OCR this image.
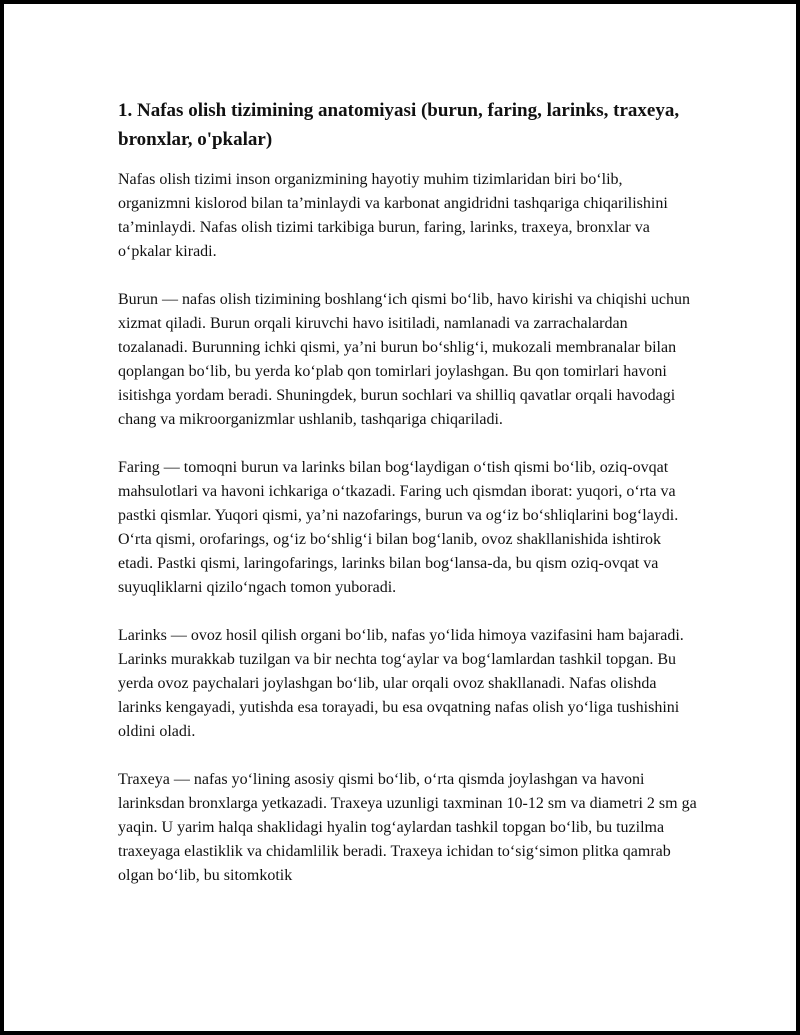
1. Nafas olish tizimining anatomiyasi (burun, faring, larinks, traxeya, bronxlar, o'pkalar)

Nafas olish tizimi inson organizmining hayotiy muhim tizimlaridan biri bo‘lib, organizmni kislorod bilan ta’minlaydi va karbonat angidridni tashqariga chiqarilishini ta’minlaydi. Nafas olish tizimi tarkibiga burun, faring, larinks, traxeya, bronxlar va o‘pkalar kiradi.

Burun — nafas olish tizimining boshlang‘ich qismi bo‘lib, havo kirishi va chiqishi uchun xizmat qiladi. Burun orqali kiruvchi havo isitiladi, namlanadi va zarrachalardan tozalanadi. Burunning ichki qismi, ya’ni burun bo‘shlig‘i, mukozali membranalar bilan qoplangan bo‘lib, bu yerda ko‘plab qon tomirlari joylashgan. Bu qon tomirlari havoni isitishga yordam beradi. Shuningdek, burun sochlari va shilliq qavatlar orqali havodagi chang va mikroorganizmlar ushlanib, tashqariga chiqariladi.

Faring — tomoqni burun va larinks bilan bog‘laydigan o‘tish qismi bo‘lib, oziq-ovqat mahsulotlari va havoni ichkariga o‘tkazadi. Faring uch qismdan iborat: yuqori, o‘rta va pastki qismlar. Yuqori qismi, ya’ni nazofarings, burun va og‘iz bo‘shliqlarini bog‘laydi. O‘rta qismi, orofarings, og‘iz bo‘shlig‘i bilan bog‘lanib, ovoz shakllanishida ishtirok etadi. Pastki qismi, laringofarings, larinks bilan bog‘lansa-da, bu qism oziq-ovqat va suyuqliklarni qizilo‘ngach tomon yuboradi.

Larinks — ovoz hosil qilish organi bo‘lib, nafas yo‘lida himoya vazifasini ham bajaradi. Larinks murakkab tuzilgan va bir nechta tog‘aylar va bog‘lamlardan tashkil topgan. Bu yerda ovoz paychalari joylashgan bo‘lib, ular orqali ovoz shakllanadi. Nafas olishda larinks kengayadi, yutishda esa torayadi, bu esa ovqatning nafas olish yo‘liga tushishini oldini oladi.

Traxeya — nafas yo‘lining asosiy qismi bo‘lib, o‘rta qismda joylashgan va havoni larinksdan bronxlarga yetkazadi. Traxeya uzunligi taxminan 10-12 sm va diametri 2 sm ga yaqin. U yarim halqa shaklidagi hyalin tog‘aylardan tashkil topgan bo‘lib, bu tuzilma traxeyaga elastiklik va chidamlilik beradi. Traxeya ichidan to‘sig‘simon plitka qamrab olgan bo‘lib, bu sitomkotik
